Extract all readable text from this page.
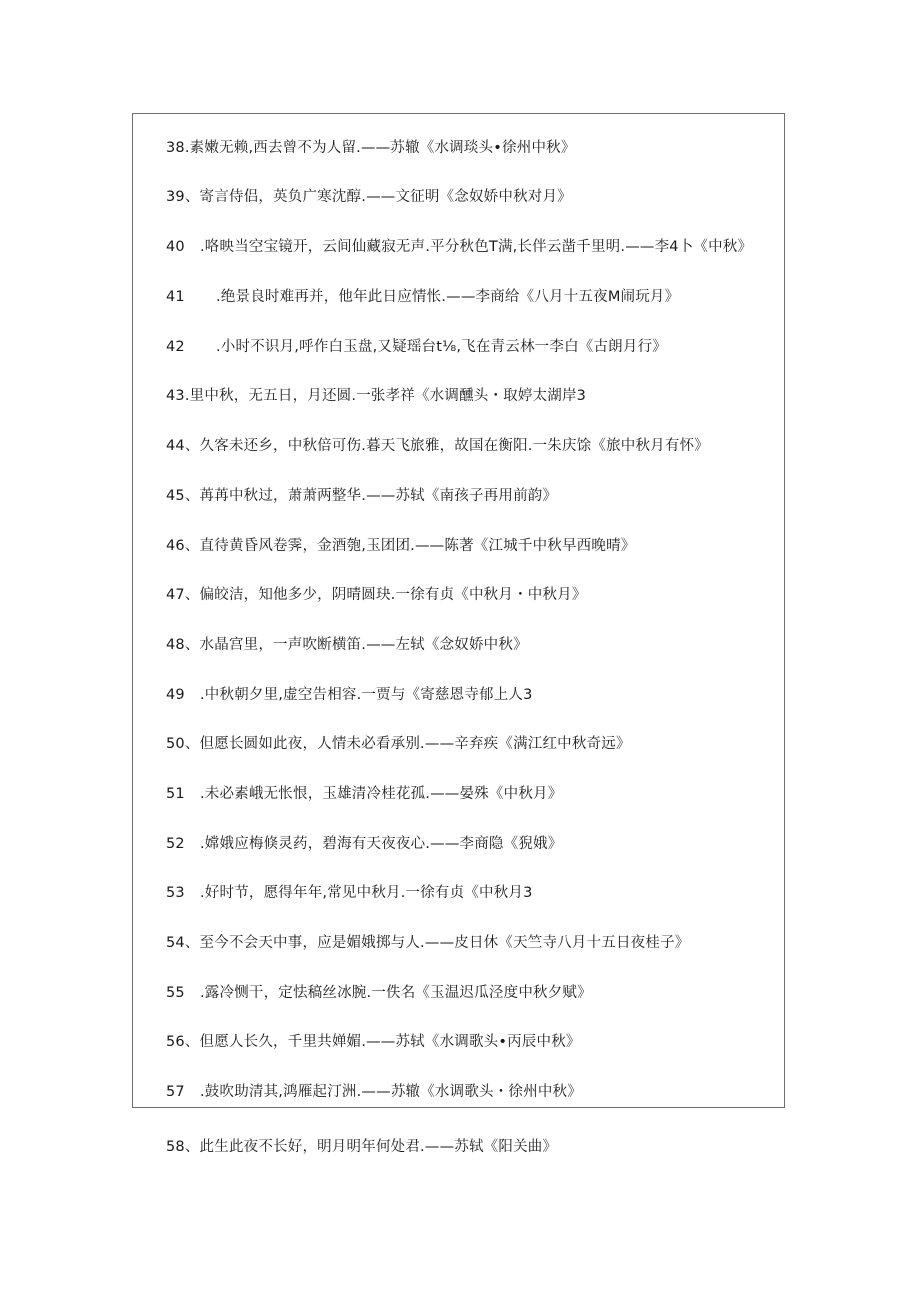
38.素嫩无赖,西去曾不为人留.——苏辙《水调琰头•徐州中秋》
39、寄言侍侣，英负广寒沈醇.——文征明《念奴娇中秋对月》
40 .咯映当空宝镜开，云间仙藏寂无声.平分秋色T满,长伴云凿千里明.——李4卜《中秋》
41 .绝景良时难再并，他年此日应情怅.——李商给《八月十五夜M闹玩月》
42 .小时不识月,呼作白玉盘,又疑瑶台t⅛,飞在青云林一李白《古朗月行》
43.里中秋，无五日，月还圆.一张孝祥《水调醺头・取婷太湖岸3
44、久客未还乡，中秋倍可伤.暮天飞旅雅，故国在衡阳.一朱庆馀《旅中秋月有怀》
45、苒苒中秋过，萧萧两整华.——苏轼《南孩子再用前韵》
46、直待黄昏风卷霁，金酒匏,玉团团.——陈著《江城千中秋早西晚晴》
47、偏皎洁，知他多少，阴晴圆玦.一徐有贞《中秋月・中秋月》
48、水晶宫里，一声吹断横笛.——左轼《念奴娇中秋》
49 .中秋朝夕里,虚空告相容.一贾与《寄慈恩寺郁上人3
50、但愿长圆如此夜，人情未必看承别.——辛弃疾《满江红中秋奇远》
51 .未必素峨无怅恨，玉雄清冷桂花孤.——晏殊《中秋月》
52 .嫦娥应梅倏灵药，碧海有天夜夜心.——李商隐《猊娥》
53 .好时节，愿得年年,常见中秋月.一徐有贞《中秋月3
54、至今不会天中事，应是媚娥掷与人.——皮日休《天竺寺八月十五日夜桂子》
55 .露冷恻干，定怯稿丝冰腕.一佚名《玉温迟瓜泾度中秋夕赋》
56、但愿人长久，千里共婵媚.——苏轼《水调歌头•丙辰中秋》
57 .鼓吹助清其,鸿雁起汀洲.——苏辙《水调歌头・徐州中秋》
58、此生此夜不长好，明月明年何处君.——苏轼《阳关曲》
